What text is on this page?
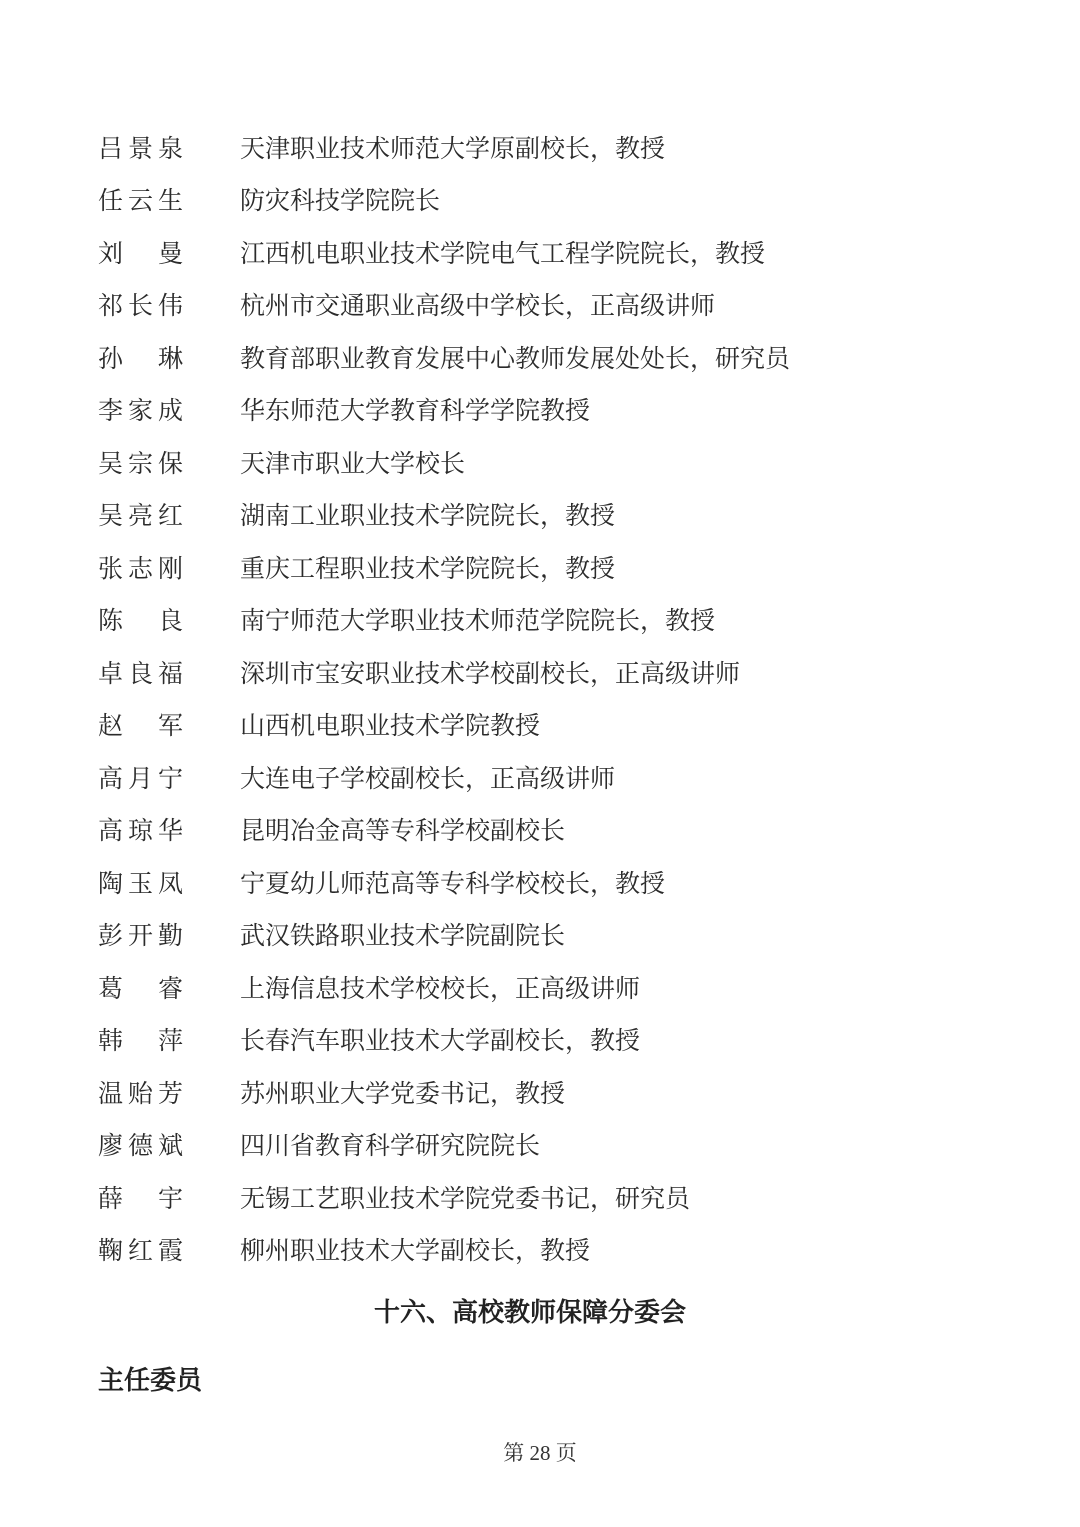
吕 景 泉 天津职业技术师范大学原副校长，教授
任 云 生 防灾科技学院院长
刘 曼 江西机电职业技术学院电气工程学院院长，教授
祁 长 伟 杭州市交通职业高级中学校长，正高级讲师
孙 琳 教育部职业教育发展中心教师发展处处长，研究员
李 家 成 华东师范大学教育科学学院教授
吴 宗 保 天津市职业大学校长
吴 亮 红 湖南工业职业技术学院院长，教授
张 志 刚 重庆工程职业技术学院院长，教授
陈 良 南宁师范大学职业技术师范学院院长，教授
卓 良 福 深圳市宝安职业技术学校副校长，正高级讲师
赵 军 山西机电职业技术学院教授
高 月 宁 大连电子学校副校长，正高级讲师
高 琼 华 昆明冶金高等专科学校副校长
陶 玉 凤 宁夏幼儿师范高等专科学校校长，教授
彭 开 勤 武汉铁路职业技术学院副院长
葛 睿 上海信息技术学校校长，正高级讲师
韩 萍 长春汽车职业技术大学副校长，教授
温 贻 芳 苏州职业大学党委书记，教授
廖 德 斌 四川省教育科学研究院院长
薛 宇 无锡工艺职业技术学院党委书记，研究员
鞠 红 霞 柳州职业技术大学副校长，教授
十六、高校教师保障分委会
主任委员
第 28 页
